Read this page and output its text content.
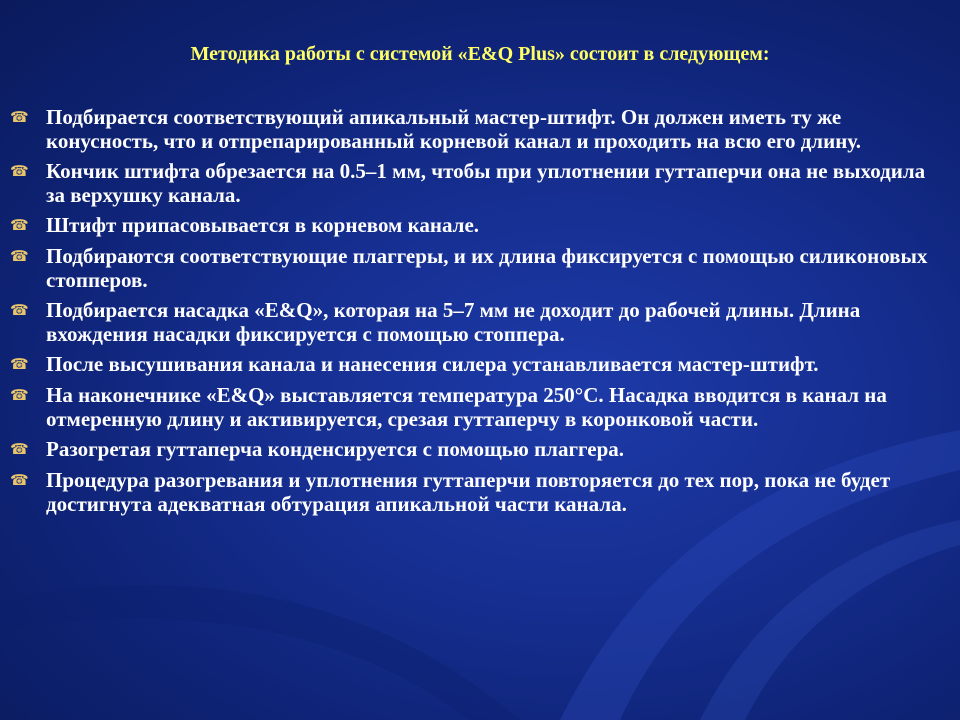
Методика работы с системой «E&Q Plus» состоит в следующем:
☎ Подбирается соответствующий апикальный мастер-штифт. Он должен иметь ту же конусность, что и отпрепарированный корневой канал и проходить на всю его длину.
☎ Кончик штифта обрезается на 0.5–1 мм, чтобы при уплотнении гуттаперчи она не выходила за верхушку канала.
☎ Штифт припасовывается в корневом канале.
☎ Подбираются соответствующие плаггеры, и их длина фиксируется с помощью силиконовых стопперов.
☎ Подбирается насадка «E&Q», которая на 5–7 мм не доходит до рабочей длины. Длина вхождения насадки фиксируется с помощью стоппера.
☎ После высушивания канала и нанесения силера устанавливается мастер-штифт.
☎ На наконечнике «E&Q» выставляется температура 250°С. Насадка вводится в канал на отмеренную длину и активируется, срезая гуттаперчу в коронковой части.
☎ Разогретая гуттаперча конденсируется с помощью плаггера.
☎ Процедура разогревания и уплотнения гуттаперчи повторяется до тех пор, пока не будет достигнута адекватная обтурация апикальной части канала.
